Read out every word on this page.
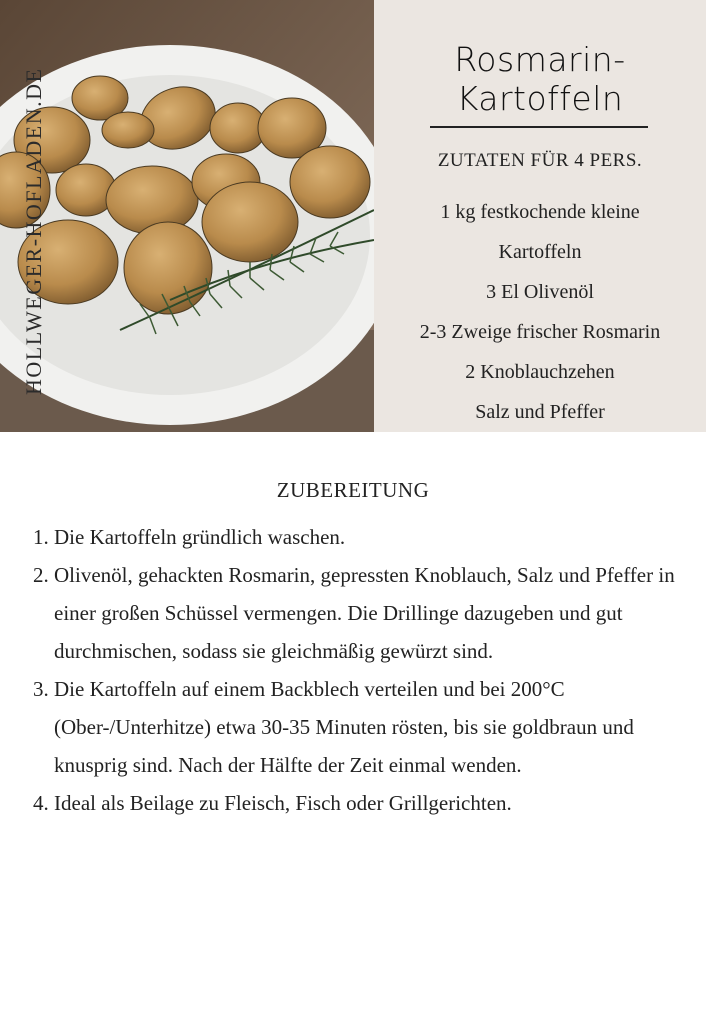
HOLLWEGER-HOFLADEN.DE
Rosmarin-Kartoffeln
ZUTATEN FÜR 4 PERS.
1 kg festkochende kleine
Kartoffeln
3 El Olivenöl
2-3 Zweige frischer Rosmarin
2 Knoblauchzehen
Salz und Pfeffer
ZUBEREITUNG
1. Die Kartoffeln gründlich waschen.
2. Olivenöl, gehackten Rosmarin, gepressten Knoblauch, Salz und Pfeffer in einer großen Schüssel vermengen. Die Drillinge dazugeben und gut durchmischen, sodass sie gleichmäßig gewürzt sind.
3. Die Kartoffeln auf einem Backblech verteilen und bei 200°C (Ober-/Unterhitze) etwa 30-35 Minuten rösten, bis sie goldbraun und knusprig sind. Nach der Hälfte der Zeit einmal wenden.
4. Ideal als Beilage zu Fleisch, Fisch oder Grillgerichten.
